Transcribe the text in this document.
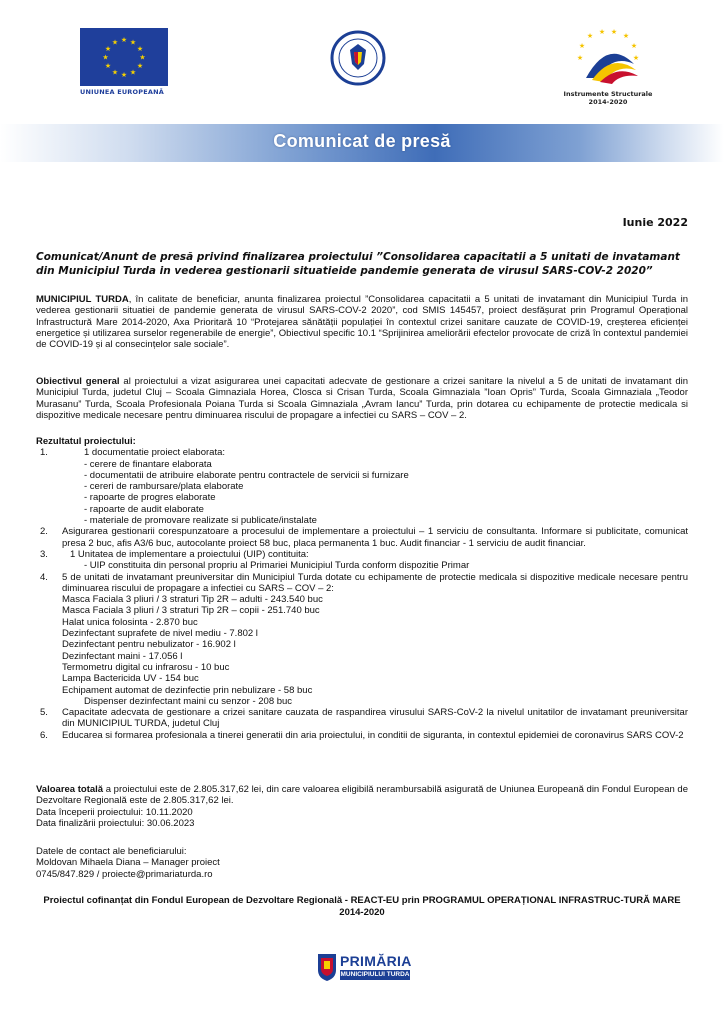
★ ★
★
★
★
★
★
★
★
★
★
★
UNIUNEA EUROPEANĂ
★ ★ ★ ★
★	★
★	★
Instrumente Structurale
2014-2020
Comunicat de presă
Iunie 2022
Comunicat/Anunt de presă privind finalizarea proiectului ”Consolidarea capacitatii a 5 unitati de invatamant din Municipiul Turda in vederea gestionarii situatieide pandemie generata de virusul SARS-COV-2 2020”
MUNICIPIUL TURDA, în calitate de beneficiar, anunta finalizarea proiectul ”Consolidarea capacitatii a 5 unitati de invatamant din Municipiul Turda in vederea gestionarii situatiei de pandemie generata de virusul SARS-COV-2 2020”, cod SMIS 145457, proiect desfășurat prin Programul Operațional Infrastructură Mare 2014-2020, Axa Prioritară 10 “Protejarea sănătății populației în contextul crizei sanitare cauzate de COVID-19, creșterea eficienței energetice și utilizarea surselor regenerabile de energie”, Obiectivul specific 10.1 “Sprijinirea ameliorării efectelor provocate de criză în contextul pandemiei de COVID-19 și al consecințelor sale sociale”.
Obiectivul general al proiectului a vizat asigurarea unei capacitati adecvate de gestionare a crizei sanitare la nivelul a 5 de unitati de invatamant din Municipiul Turda, judetul Cluj – Scoala Gimnaziala Horea, Closca si Crisan Turda, Scoala Gimnaziala ”Ioan Opris” Turda, Scoala Gimnaziala „Teodor Murasanu” Turda, Scoala Profesionala Poiana Turda si Scoala Gimnaziala „Avram Iancu” Turda, prin dotarea cu echipamente de protectie medicala si dispozitive medicale necesare pentru diminuarea riscului de propagare a infectiei cu SARS – COV – 2.
Rezultatul proiectului:
1.	1 documentatie proiect elaborata:
- cerere de finantare elaborata
- documentatii de atribuire elaborate pentru contractele de servicii si furnizare
- cereri de rambursare/plata elaborate
- rapoarte de progres elaborate
- rapoarte de audit elaborate
- materiale de promovare realizate si publicate/instalate
2.	Asigurarea gestionarii corespunzatoare a procesului de implementare a proiectului – 1 serviciu de consultanta. Informare si publicitate, comunicat presa 2 buc, afis A3/6 buc, autocolante proiect 58 buc, placa permanenta 1 buc. Audit financiar - 1 serviciu de audit financiar.
3.	1 Unitatea de implementare a proiectului (UIP) contituita:
- UIP constituita din personal propriu al Primariei Municipiul Turda conform dispozitie Primar
4.	5 de unitati de invatamant preuniversitar din Municipiul Turda dotate cu echipamente de protectie medicala si dispozitive medicale necesare pentru diminuarea riscului de propagare a infectiei cu SARS – COV – 2:
Masca Faciala 3 pliuri / 3 straturi Tip 2R – adulti - 243.540 buc
Masca Faciala 3 pliuri / 3 straturi Tip 2R – copii - 251.740 buc
Halat unica folosinta - 2.870 buc
Dezinfectant suprafete de nivel mediu - 7.802 l
Dezinfectant pentru nebulizator - 16.902 l
Dezinfectant maini - 17.056 l
Termometru digital cu infrarosu - 10 buc
Lampa Bactericida UV - 154 buc
Echipament automat de dezinfectie prin nebulizare - 58 buc
Dispenser dezinfectant maini cu senzor - 208 buc
5.	Capacitate adecvata de gestionare a crizei sanitare cauzata de raspandirea virusului SARS-CoV-2 la nivelul unitatilor de invatamant preuniversitar din MUNICIPIUL TURDA, judetul Cluj
6.	Educarea si formarea profesionala a tinerei generatii din aria proiectului, in conditii de siguranta, in contextul epidemiei de coronavirus SARS COV-2
Valoarea totală a proiectului este de 2.805.317,62 lei, din care valoarea eligibilă nerambursabilă asigurată de Uniunea Europeană din Fondul European de Dezvoltare Regională este de 2.805.317,62 lei.
Data începerii proiectului: 10.11.2020
Data finalizării proiectului: 30.06.2023
Datele de contact ale beneficiarului:
Moldovan Mihaela Diana – Manager proiect
0745/847.829 / proiecte@primariaturda.ro
Proiectul cofinanțat din Fondul European de Dezvoltare Regională - REACT-EU prin PROGRAMUL OPERAȚIONAL INFRASTRUC-TURĂ MARE 2014-2020
PRIMĂRIA
MUNICIPIULUI TURDA
